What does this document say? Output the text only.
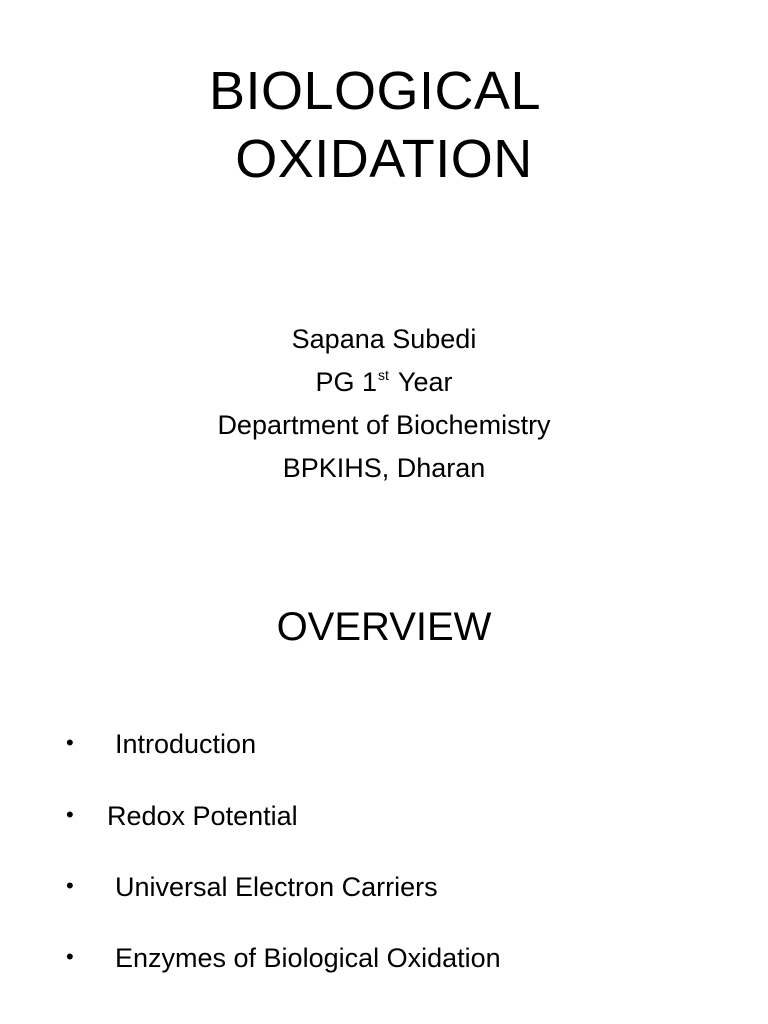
BIOLOGICAL
OXIDATION
Sapana Subedi
PG 1st Year
Department of Biochemistry
BPKIHS, Dharan
OVERVIEW
• Introduction
• Redox Potential
• Universal Electron Carriers
• Enzymes of Biological Oxidation
